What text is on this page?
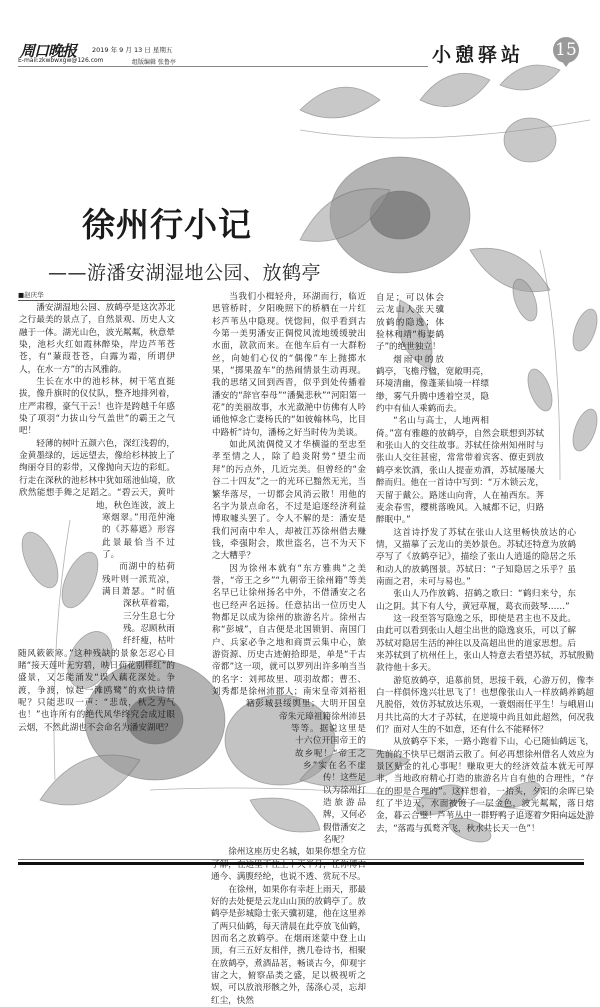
周口晚报 2019 年 9 月 13 日 星期五
E-mail:zkwbwxgw@126.com	组版编辑 张鲁亭	小憩驿站 15
徐州行小记
——游潘安湖湿地公园、放鹤亭
■赵庆华

潘安湖湿地公园、放鹤亭是这次苏北之行最美的景点了，自然景观、历史人文融于一体。湖光山色，波光粼粼，秋意晕染，池杉火红如霞林醉染，岸边芦苇苍苍，有“蒹葭苍苍，白露为霜，所谓伊人，在水一方”的古风雅韵。

生长在水中的池杉林，树干笔直挺拔，像升旗时的仪仗队，整齐地排列着，庄严肃穆，豪气干云！也许是跨越千年感染了项羽“力拔山兮气盖世”的霸王之气吧！

轻薄的树叶五颜六色，深红浅碧的，金黄墨绿的，远远望去，像给杉林披上了绚丽夺目的彩带，又像抛向天边的彩虹。行走在深秋的池杉林中犹如瑶池仙境，欣欣然能想手舞之足蹈之。“碧云天，黄叶地，秋色连波，波上寒烟翠。”用范仲淹的《苏幕遮》形容此景最恰当不过了。

而湖中的枯荷残叶则一派荒凉，满目萧瑟。“时值深秋草着霜，三分生息七分残。忍顾秋雨纤纤瘦，枯叶随风簌簌寒。”这种残缺的景象怎忍心目睹“接天莲叶无穷碧，映日荷花别样红”的盛景，又怎能涌发“误入藕花深处。争渡，争渡，惊起一滩鸥鹭”的欢快诗情呢？只能悲叹一声：“悲哉，秋之为气也！”也许所有的绝代风华终究会成过眼云烟，不然此湖也不会命名为潘安湖吧？

当我们小楫轻舟，环湖而行，临近思管桥时，夕阳晚照下的桥栖在一片红杉芦苇丛中隐现。恍惚间，似乎看到古今第一美男潘安正倜傥风流地缓缓驶出水面，款款而来。在他车后有一大群粉丝，向她们心仪的“偶像”车上抛掷水果，“掷果盈车”的热闹情景生动再现。我的思绪又回到西晋，似乎到处传播着潘安的“辞官奉母”“潘鬓悲秋”“河阳第一花”的美丽故事，水光潋滟中仿佛有人吟诵他悼念亡妻杨氏的“如彼翰林鸟，比目中路析”诗句，潘杨之好当时传为美谈。

如此风流倜傥又才华横溢的至忠至孝至情之人，除了趋炎附势“望尘而拜”的污点外，几近完美。但曾经的“金谷二十四友”之一的光环已黯然无光，当繁华落尽，一切都会风消云散！用他的名字为景点命名，不过是追逐经济利益博取噱头罢了。令人不解的是：潘安是我们河南中牟人，却被江苏徐州借去赚钱，牵强附会，欺世盗名，岂不为天下之大糟乎？

因为徐州本就有“东方雅典”之美誉，“帝王之乡”“九朝帝王徐州籍”等美名早已让徐州扬名中外，不借潘安之名也已经声名远扬。任意拈出一位历史人物都足以成为徐州的旅游名片。徐州古称“彭城”，自古便是北国锁钥、南国门户、兵家必争之地和商贾云集中心，旅游资源、历史古迹俯拾即是，单是“千古帝都”这一项，就可以罗列出许多响当当的名字：刘邦故里、项羽故都；曹丕、刘秀都是徐州沛郡人；南宋皇帝刘裕祖籍彭城县绥舆里；大明开国皇帝朱元璋祖籍徐州沛县等等。据说这里是十六位开国帝王的故乡呢！“帝王之乡”实在名不虚传！这些足以为徐州打造旅游品牌，又何必假借潘安之名呢？

徐州这座历史名城，如果你想全方位 通今、满腹经纶，也说不透、赏玩不尽。

在徐州，如果你有幸赶上雨天，那最好的去处便是云龙山山顶的放鹤亭了。放鹤亭是彭城隐士张天骥初建，他在这里养了两只仙鹤，每天清晨在此亭放飞仙鹤，因而名之放鹤亭。在烟雨迷蒙中登上山顶，有三五好友相伴，携几卷诗书，相聚在放鹤亭，煮酒品茗，畅谈古今，仰观宇宙之大，俯察品类之盛，足以极视听之娱，可以放浪形骸之外，荡涤心灵，忘却红尘，快然

自足；可以体会云龙山人张天骥放鹤的隐逸；体验林和靖“梅妻鹤子”的绝世独立！

烟雨中的放鹤亭，飞檐丹楹，宽敞明亮，环境清幽，像蓬莱仙境一样缥缈，雾气升腾中透着空灵，隐约中有仙人乘鹤而去。

“名山与高士，人地两相倚。”富有雅趣的放鹤亭，自然会联想到苏轼和张山人的交往故事。苏轼任徐州知州时与张山人交往甚密，常常带着宾客、僚吏到放鹤亭来饮酒，张山人提壶劝酒，苏轼屡屡大醉而归。他在一首诗中写到：“万木锁云龙，天留于戴公。路迷山向背，人在袖西东。荠麦余春雪，樱桃落晚风。入城都不记，归路醉眠中。”

这首诗抒发了苏轼在张山人这里畅快放达的心情，又描摹了云龙山的美妙景色。苏轼还特意为放鹤亭写了《放鹤亭记》，描绘了张山人逍遥的隐居之乐和动人的放鹤图景。苏轼曰：“子知隐居之乐乎？虽南面之君，未可与易也。”

张山人乃作放鹤、招鹤之歌曰：“鹤归来兮，东山之阴。其下有人兮，黄冠草履，葛衣而鼓琴……”

这一段至答写隐逸之乐，即使是君主也不及此。由此可以看到张山人超尘出世的隐逸哀乐，可以了解苏轼对隐居生活的神往以及高超出世的道家思想。后来苏轼到了杭州任上，张山人特意去看望苏轼，苏轼殷勤款待他十多天。

游览放鹤亭，追慕前贤，思接千载，心游万仞，像李白一样俱怀逸兴壮思飞了！也想像张山人一样放鹤养鹤超凡脱俗，效仿苏轼放达乐观，一蓑烟雨任平生！与峨眉山月共比高的大才子苏轼，在逆境中尚且如此超然，何况我们？面对人生的不如意，还有什么不能释怀？

从放鹤亭下来，一路小跑着下山，心已随仙鹤远飞，先前的不快早已烟消云散了。何必再想徐州借名人效应为景区贴金的礼心事呢！赚取更大的经济效益本就无可厚非，当地政府精心打造的旅游名片自有他的合理性，“存在的即是合理的”。这样想着，一抬头，夕阳的余晖已染红了半边天，水面被镀了一层金色，波光粼粼，落日熔金，暮云合璧！芦苇丛中一群野鸭子追逐着夕阳向远处游去，“落霞与孤鹜齐飞，秋水共长天一色”！
